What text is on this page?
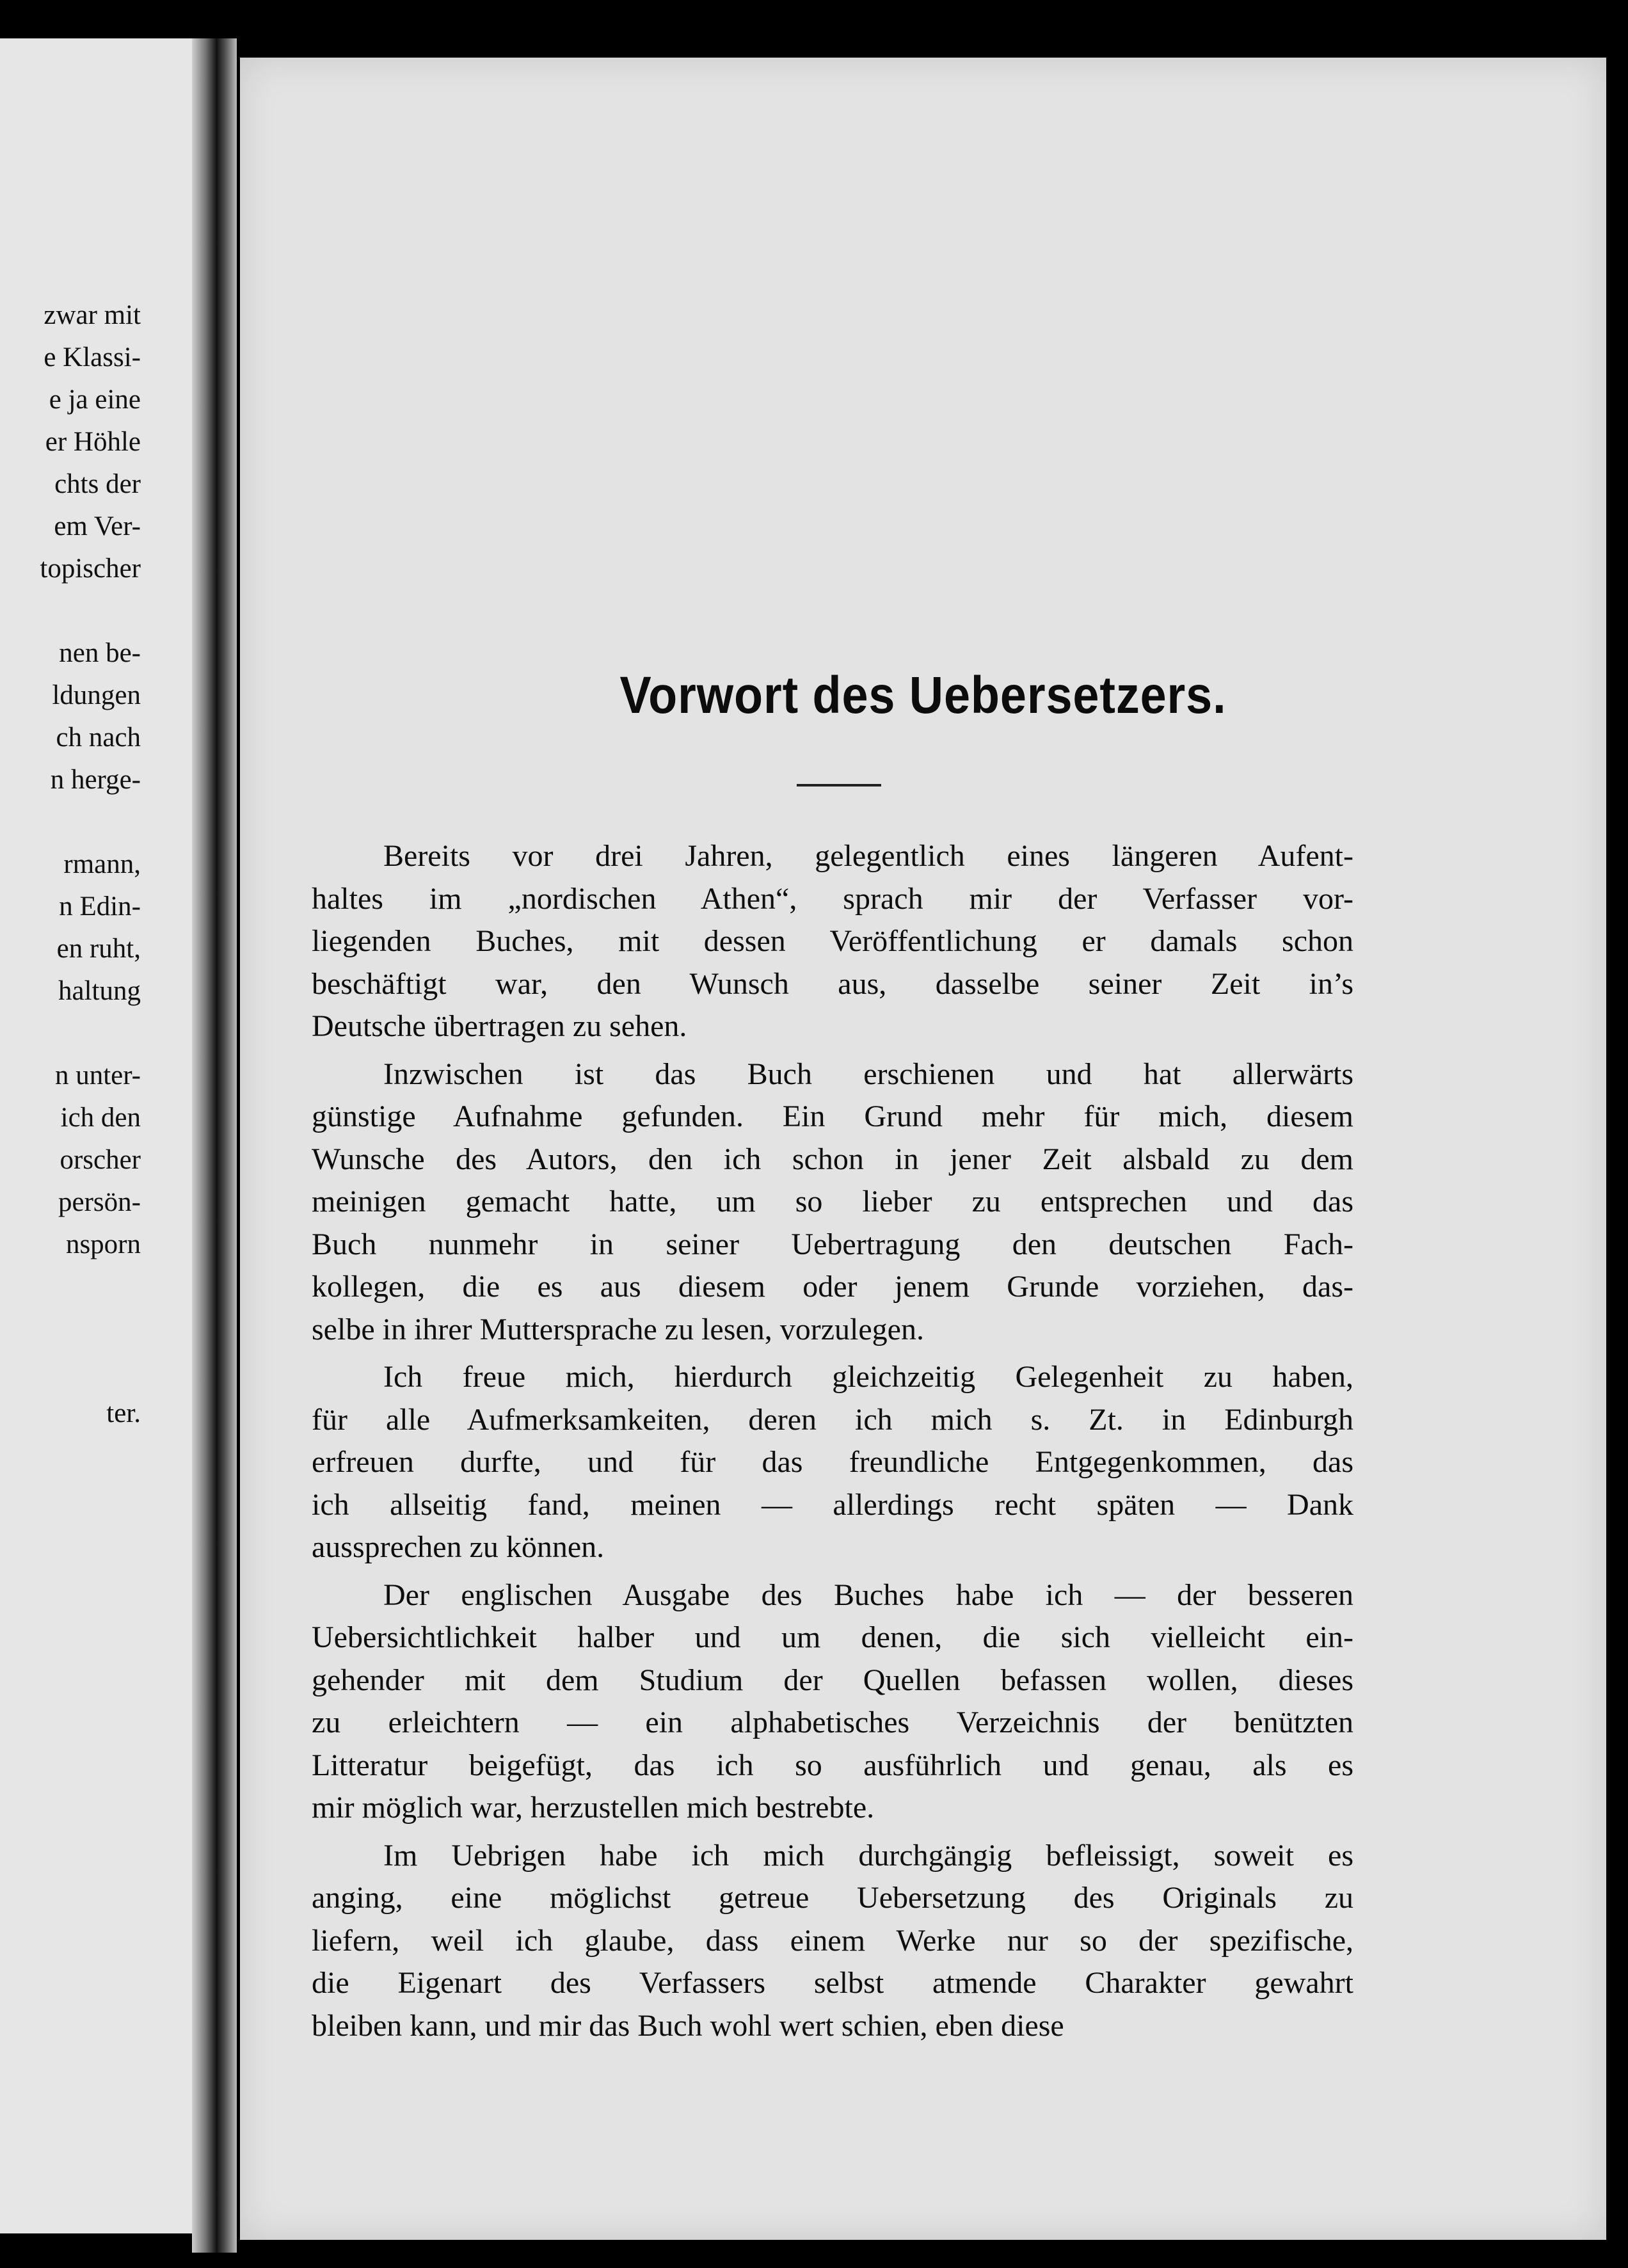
zwar mit
e Klassi-
e ja eine
er Höhle
chts der
em Ver-
topischer
nen be-
ldungen
ch nach
n herge-
rmann,
n Edin-
en ruht,
haltung
n unter-
ich den
orscher
persön-
nsporn
ter.
Vorwort des Uebersetzers.
Bereits vor drei Jahren, gelegentlich eines längeren Aufent-
haltes im „nordischen Athen“, sprach mir der Verfasser vor-
liegenden Buches, mit dessen Veröffentlichung er damals schon
beschäftigt war, den Wunsch aus, dasselbe seiner Zeit in’s
Deutsche übertragen zu sehen.
Inzwischen ist das Buch erschienen und hat allerwärts
günstige Aufnahme gefunden. Ein Grund mehr für mich, diesem
Wunsche des Autors, den ich schon in jener Zeit alsbald zu dem
meinigen gemacht hatte, um so lieber zu entsprechen und das
Buch nunmehr in seiner Uebertragung den deutschen Fach-
kollegen, die es aus diesem oder jenem Grunde vorziehen, das-
selbe in ihrer Muttersprache zu lesen, vorzulegen.
Ich freue mich, hierdurch gleichzeitig Gelegenheit zu haben,
für alle Aufmerksamkeiten, deren ich mich s. Zt. in Edinburgh
erfreuen durfte, und für das freundliche Entgegenkommen, das
ich allseitig fand, meinen — allerdings recht späten — Dank
aussprechen zu können.
Der englischen Ausgabe des Buches habe ich — der besseren
Uebersichtlichkeit halber und um denen, die sich vielleicht ein-
gehender mit dem Studium der Quellen befassen wollen, dieses
zu erleichtern — ein alphabetisches Verzeichnis der benützten
Litteratur beigefügt, das ich so ausführlich und genau, als es
mir möglich war, herzustellen mich bestrebte.
Im Uebrigen habe ich mich durchgängig befleissigt, soweit es
anging, eine möglichst getreue Uebersetzung des Originals zu
liefern, weil ich glaube, dass einem Werke nur so der spezifische,
die Eigenart des Verfassers selbst atmende Charakter gewahrt
bleiben kann, und mir das Buch wohl wert schien, eben diese
